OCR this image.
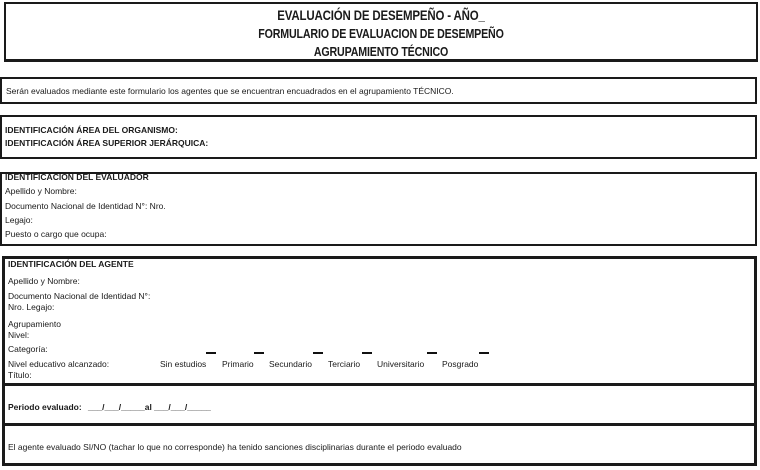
EVALUACIÓN DE DESEMPEÑO - AÑO_
FORMULARIO DE EVALUACION DE DESEMPEÑO
AGRUPAMIENTO TÉCNICO
Serán evaluados mediante este formulario los agentes que se encuentran encuadrados en el agrupamiento TÉCNICO.
IDENTIFICACIÓN ÁREA DEL ORGANISMO:
IDENTIFICACIÓN ÁREA SUPERIOR JERÁRQUICA:
IDENTIFICACIÓN DEL EVALUADOR
Apellido y Nombre:
Documento Nacional de Identidad N°: Nro.
Legajo:
Puesto o cargo que ocupa:
IDENTIFICACIÓN DEL AGENTE
Apellido y Nombre:
Documento Nacional de Identidad N°:
Nro. Legajo:
Agrupamiento
Nivel:
Categoría:
Nivel educativo alcanzado:
Título:
Sin estudios Primario Secundario Terciario Universitario Posgrado
Periodo evaluado: ___/___/_____al ___/___/_____
El agente evaluado SI/NO (tachar lo que no corresponde) ha tenido sanciones disciplinarias durante el periodo evaluado
